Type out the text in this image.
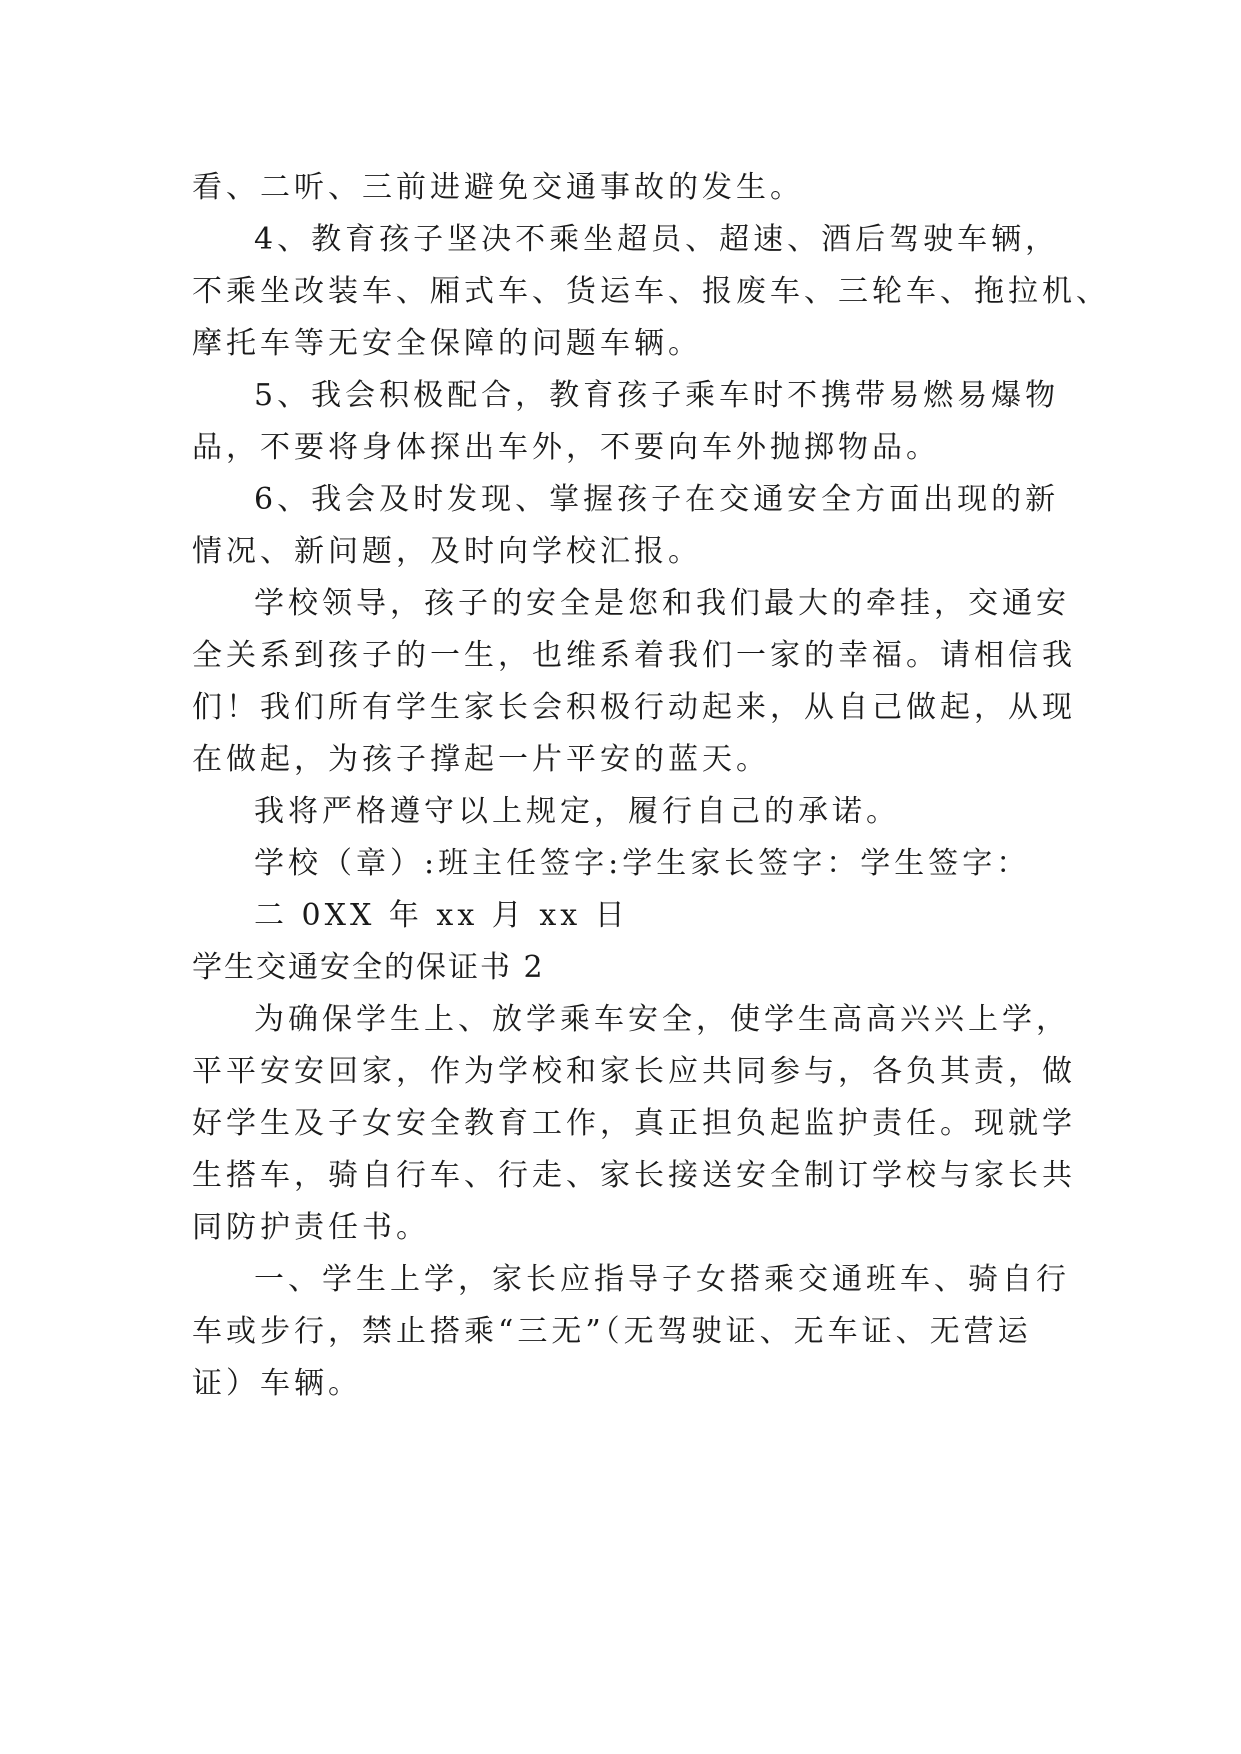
看、二听、三前进避免交通事故的发生。
4、教育孩子坚决不乘坐超员、超速、酒后驾驶车辆，
不乘坐改装车、厢式车、货运车、报废车、三轮车、拖拉机、
摩托车等无安全保障的问题车辆。
5、我会积极配合，教育孩子乘车时不携带易燃易爆物
品，不要将身体探出车外，不要向车外抛掷物品。
6、我会及时发现、掌握孩子在交通安全方面出现的新
情况、新问题，及时向学校汇报。
学校领导，孩子的安全是您和我们最大的牵挂，交通安
全关系到孩子的一生，也维系着我们一家的幸福。请相信我
们！我们所有学生家长会积极行动起来，从自己做起，从现
在做起，为孩子撑起一片平安的蓝天。
我将严格遵守以上规定，履行自己的承诺。
学校（章）:班主任签字:学生家长签字：学生签字：
二 0XX 年 xx 月 xx 日
学生交通安全的保证书 2
为确保学生上、放学乘车安全，使学生高高兴兴上学，
平平安安回家，作为学校和家长应共同参与，各负其责，做
好学生及子女安全教育工作，真正担负起监护责任。现就学
生搭车，骑自行车、行走、家长接送安全制订学校与家长共
同防护责任书。
一、学生上学，家长应指导子女搭乘交通班车、骑自行
车或步行，禁止搭乘“三无”（无驾驶证、无车证、无营运
证）车辆。
